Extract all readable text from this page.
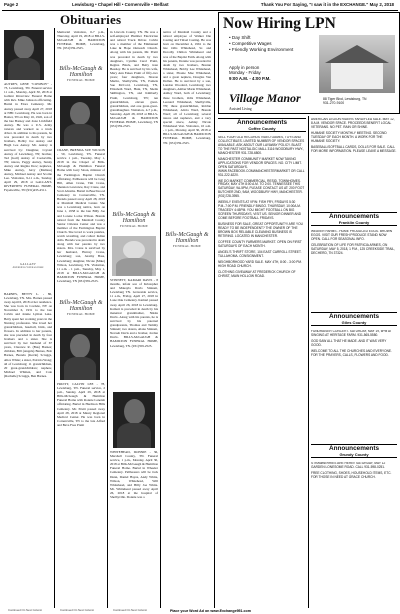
Page 2	Lewisburg • Chapel Hill • Cornersville • Belfast	Thank You For Saying, "I saw it in the EXCHANGE." May 2, 2018
Obituaries
AUTREY, GENE "COWBOY" - 73, Lewisburg, TN. Funeral service 11 a.m., Monday, April 30, 2018 at Gallant Riverview Funeral Home with Rev. Mike Johnson officiating. Burial in Elora Cemetery. Mr. Autrey passed away April 27, 2018 at NHC Lewisburg. He was born in Baxter, TN on May 16, 1945, son of the late Barney and Josie Litchfield Autrey. He was a U.S. Army veteran and worked as a truck driver. In addition to his parents, he was preceded in death by two brothers, Bobby Joe Autrey and Hugh Lee Autrey. Mr. Autrey is survived by: Daughter, Crystal Autrey of Lewisburg, TN; brother, Ted (Gail) Autrey of Cookeville, TN; nieces, Peggy Autrey, Sunny Autrey and Regina Dow; nephews, Mike Autrey, Jerry (Melissa) Autrey, Michael Autrey and Scottie Lee. Visitation, 9-11 a.m., Sunday, April 29, 2018 at GALLANT-RIVERVIEW FUNERAL HOME, Fayetteville, TN (931)433-4511.
GALLANT
RIVERVIEW FUNERAL HOME
BARNES, BETTY L. - 86, Lewisburg, TN. Mrs. Barnes passed away April 6, 2018 at her residence. She was born in Cordele, NY on November 6, 1931 to the late Calvin and Jennie Lyman Lake. Betty spent her working years in the Nursing profession. She loved her grandchildren, baseball, birds, and flowers. In addition to her parents, she was preceded in death by four brothers and a sister. She is survived by her husband of 67 years, Clarence R. (Bus) Barnes; children, Bill (Angela) Barnes, Bob Barnes, Brenda (Kevin) Scruggs, Alice White; a sister, Patricia Wong; all of Lewisburg; 11 grandchildren, 20 great-grandchildren; nephew, Michael Whitten, and Cole (Rachelle) Scruggs, Ben Barnes.
Continued On Next Column
Memorial visitation, 6-7 p.m., Thursday, April 19, 2018 at BILLS-McGAUGH & HAMILTON FUNERAL HOME, Lewisburg, TN. (931)359-2525.
Bills-McGaugh & Hamilton
FUNERAL HOME
CRANE, BRENDA SUE WILSON - 59, Lewisburg, TN. Funeral service 1 p.m., Tuesday, May 1, 2018 in the Chapel of Bills-McGaugh & Hamilton Funeral Home with Gary Sloan, minister of the Farmington Baptist Church officiating. Pallbearers will be Greg Hill, Allen Crane, Tim Crane, Shannon Lawrence, Ray Crane, and Scott Abrams. Burial in Beechwood Cemetery in Cornersville, TN. Brenda passed away April 28, 2018 at Marshall Medical Center. She was a Lewisburg native, born on June 1, 1958 to the late Billy Joe and Lorene Locke Wilson. Brenda retired from the Marshall County Senior Citizens Center and was a member of the Farmington Baptist Church. She loved to work puzzles, watch wrestling, and collect Indian dolls. Brenda was preceded in death along with her parents by two sisters. Mrs. Crane is survived by her husband, Harvey Crane, Lewisburg; son, Jeremy Bass, Lewisburg; daughter, Nicole (Mike) Wilson, Lewisburg, TN. Visitation, 11 a.m. - 1 p.m., Tuesday, May 1, 2018 at BILLS-McGAUGH & HAMILTON FUNERAL HOME, Lewisburg, TN (931)359-2525.
Bills-McGaugh & Hamilton
FUNERAL HOME
PRUITT, CALVIN LEE - 78, Lewisburg, TN. Funeral service, 2 p.m., Sunday, April 29, 2018 at Bills-McGaugh & Hamilton Funeral Home with Ronnie Laneiah officiating. Burial in Hardison Hills Cemetery. Mr. Pruitt passed away April 28, 2018 at Maury Regional Medical Center. He was born in Cornersville, TN to the late Alfred and Beva Free Pruitt
Continued On Next Column
in Lincoln County, TN. He was a self-employed Plumber Electrician and retired Truck Driver. Calvin was a member of the Emmanuel Lake & Hope Outreach Church. Along with his parents, Mr. Pruitt was preceded in death by two daughters, Cynthia Carol Pruitt, Regina Black, and Betty Jean Beasley. He is survived by his wife, Mary Ann Eakes Pruitt of fifty-two years; four daughters, Sharon Martin, Shelbyville, TN, Pamela Sue McCord, Lewisburg, TN, Elizabeth Ward, Hunt, TN, Sheila Skillington, TN, and Kimberly Pruitt, Lewisburg, TN; ten grandchildren, eleven great-grandchildren, and one great-great-granddaughter. Visitation, 4-7 p.m., Saturday, April 28, 2018 at BILLS-McGAUGH & HAMILTON FUNERAL HOME, Lewisburg, TN (931)359-2525.
Bills-McGaugh & Hamilton
FUNERAL HOME
STINNETT, KAMARI DAVIS - 8 months, infant son of Kristopher and Makayla Davis Stinnett, Lewisburg TN. Graveside service, 11 a.m., Friday, April 27, 2018 in Lone Oak Cemetery. Kamari passed away April 26, 2018 in Lewisburg. Kamari is preceded in death by his maternal grandmother, Nikita Davis. Along with his parents, he is survived by his paternal grandparents, Thomas and Tammy Stinnett; two sisters, Alana Stinnett, Nevaeh Davis and a brother, Jordan Davis. BILLS-McGAUGH & HAMILTON FUNERAL HOME, Lewisburg, TN. (931)359-2525.
WHITEHEAD, DONNIE - 36, Marshall County, TN. Funeral service, 1 p.m., Monday, April 30, 2018 at Bills-McGaugh & Hamilton Funeral Home. Burial in Wheeler Cemetery. Pallbearers will be Jack Dunn, Daniel Hayes, Andy White, Wilson, Whitehead, Will Whitehead, and Billy Joe White. Mr. Whitehead passed away April 26, 2018 at the hospital of Shelbyville. Donnie was a
Continued On Next Column
native of Marshall County and a retired employee of Walker Die Casting and Tittsel Casting. He was born on December 4, 1961 to the late Odis Whitehead, Sr. and Dorothy Chilton Whitehead and was of the Baptist Faith. Along with his parents, Donnie was preceded in death by two brothers, Bonnie Whitehead, Bobby Lee Whitehead, a sister, Phonie Mae Whitehead, and a great nephew, Douglas Van Dollen. He is survived by a son, Landon Woodard, Lewisburg; two daughters, Amber Marie Whitehead, Ashley Ward, both of Lewisburg; three brothers, Odis Whitehead, Leonard Whitehead, Shelbyville, TN; three grandchildren, Robbie Whitehead, Alicia Ward, Brenda Ward; all of Lewisburg; several nieces and nephews, and a very special niece, Ashley Nicole Whitehead Vest. Visitation, 10 a.m. - 1 p.m., Monday, April 30, 2018 at BILLS-McGAUGH & HAMILTON FUNERAL HOME, Lewisburg, TN. (931)359-2525.
Bills-McGaugh & Hamilton
FUNERAL HOME
Place your Word Ad on www.Exchange951.com
Now Hiring LPN
• Day Shift
• Competitive Wages
• Friendly Working Environment
Apply in person
Monday - Friday
9:00 A.M. - 4:00 P.M.
Village Manor
Assisted Living
88 Tiger Blvd, Lewisburg, TN
931-270-9100
Announcements
Coffee County

SELL YOUR OLD RECORDS VIDEO GAMES, TOYS AND COLLECTIBLES. LIMITED NUMBER OF VENDOR SPACES AVAILABLE. ASK ABOUT OUR LAYAWAY POLICY. BLAST TO THE PAST NOSTALGIC MALL 3116 WOODBURY HWY., MANCHESTER 931-728-6800.

MANCHESTER COMMUNITY MARKET NOW TAKING APPLICATIONS FOR VENDOR SPACES. NO. CITY LIMIT. OPEN SATURDAYS. WWW.FACEBOOK.COM/MANCHESTERMARKET OR CALL 931-222-6220.

WE DO MARKET COMMERCIAL, RESID. TOWNHOMES. FRIDAY, MAY 4TH 8:00 A.M. TO 2:00. TENNESSEE THIS SATURDAY, 9A-5PM, PLEASE CONTACT US AT: 200 FOOT BUTCHER 2ND, 9AM, WOODBURY HWY, MANCHESTER. (931)728-3955.

WEEKLY EVENTS AT VFW: FISH FRY, FRIDAYS 5:30 P.M.-7:00 P.M. FRIENDLY BINGO. THURSDAY, 10:00A.M. TRAGEDY 4:45PM. YOU MIGHT FOOTBALL ON BIG SCREEN THURSDAYS, VISIT US. SENIOR DINNER AND COME BEFORE FOOTBALL FRIDAYS.

BUSINESS FOR SALE, GREAT OPPORTUNITY! ARE YOU READY TO BE INDEPENDENT? THE OWNER OF THE BROWN BOX RELIABLE CLEANING BUSINESS IS RETIRING. LOCATED IN MANCHESTER.

COFFEE COUNTY FARMERS MARKET. OPEN ON FIRST SATURDAYS OF EACH MONTH.

ANGEL'S THRIFT STORE, 104 EAST CARROLL STREET. TULLAHOMA. CONSIGNMENT.

NEIGHBORHOOD YARD SALE. MAY 4TH, 8:00 - 3:00 PM. HIGH ROAD CHURCH.

CLOTHING GIVEAWAY AT FREDERICK CHURCH OF CHRIST, MAIN HOLLOW ROAD.

AMERICAN LEGION RIDERS YARD/FLEA SALE. MAY 12, 8 A.M. VENDOR SPACE. PROCEEDS BENEFIT LOCAL VETERANS. NO PET. RAIN OR SHINE.

HUMANE SOCIETY MONTHLY MEETING. SECOND TUESDAY OF EACH MONTH. A WORK FOR THE HUMANE SOCIETY.

BASEBALL/SOFTBALL CARDS, DOLLS FOR SALE. CALL FOR MORE INFORMATION. PLEASE LEAVE A MESSAGE.

Announcements
Franklin County

WEAVER FARMS - HOME PRODUCED EGGS. BROWN EGGS. VISIT OUR FRESH PRODUCE STAND NOW OPEN. CALL FOR SEASONAL INFO.

CELEBRATION OF LIFE FOR PATRICIA ARMES, ON SATURDAY, MAY 5, 2018, 1 P.M., 125 CREEKSIDE TRAIL, DECHERD, TN 37324.

Announcements
Giles County

FUNDRAISER CONCERT. SATURDAY, MAY 19, 6PM AT SINGING AT HERITAGE FARM. 931-565-5580.

GOD SAW ALL THAT HE MADE. AND IT WAS VERY GOOD.

WELCOME TO ALL THE CHURCHES AND EVERYONE. FOR THE PRAYERS, CALLS, FLOWERS AND FOOD.

Announcements
Grundy County

STRAWBERRIES ARE HERE!! SATURDAY, MAY 12 GARDEN LONESOME ROAD. CALL 931-598-0251.

FREE CLOTHING, SHOES, HOUSEHOLD ITEMS, ETC. FOR THOSE IN NEED AT GRACE CHURCH.
